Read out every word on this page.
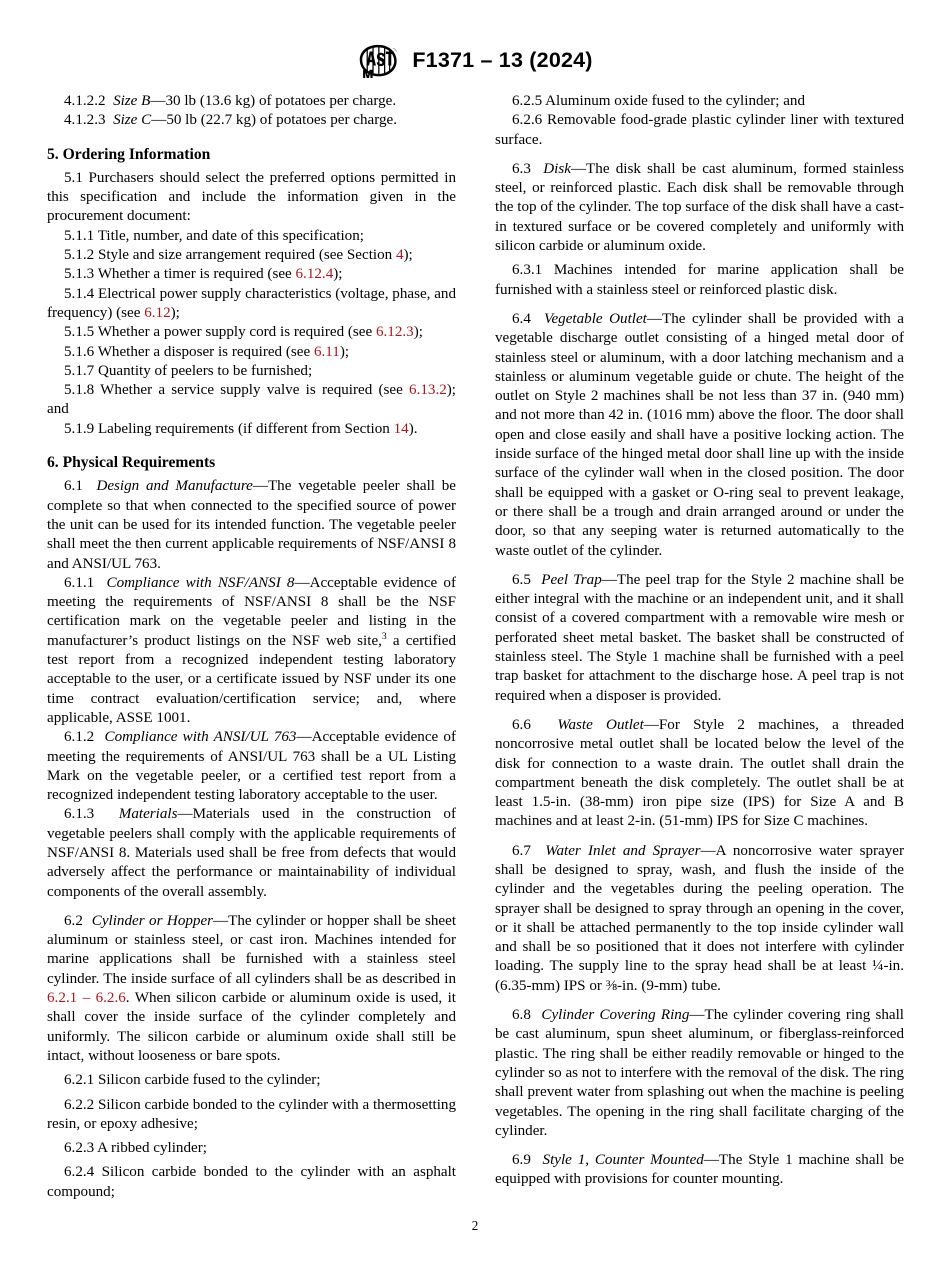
F1371 – 13 (2024)

4.1.2.2 Size B—30 lb (13.6 kg) of potatoes per charge.

4.1.2.3 Size C—50 lb (22.7 kg) of potatoes per charge.

5. Ordering Information

5.1 Purchasers should select the preferred options permitted in this specification and include the information given in the procurement document:

5.1.1 Title, number, and date of this specification;

5.1.2 Style and size arrangement required (see Section 4);

5.1.3 Whether a timer is required (see 6.12.4);

5.1.4 Electrical power supply characteristics (voltage, phase, and frequency) (see 6.12);

5.1.5 Whether a power supply cord is required (see 6.12.3);

5.1.6 Whether a disposer is required (see 6.11);

5.1.7 Quantity of peelers to be furnished;

5.1.8 Whether a service supply valve is required (see 6.13.2); and

5.1.9 Labeling requirements (if different from Section 14).

6. Physical Requirements

6.1 Design and Manufacture—The vegetable peeler shall be complete so that when connected to the specified source of power the unit can be used for its intended function. The vegetable peeler shall meet the then current applicable requirements of NSF/ANSI 8 and ANSI/UL 763.

6.1.1 Compliance with NSF/ANSI 8—Acceptable evidence of meeting the requirements of NSF/ANSI 8 shall be the NSF certification mark on the vegetable peeler and listing in the manufacturer’s product listings on the NSF web site,$^3$ a certified test report from a recognized independent testing laboratory acceptable to the user, or a certificate issued by NSF under its one time contract evaluation/certification service; and, where applicable, ASSE 1001.

6.1.2 Compliance with ANSI/UL 763—Acceptable evidence of meeting the requirements of ANSI/UL 763 shall be a UL Listing Mark on the vegetable peeler, or a certified test report from a recognized independent testing laboratory acceptable to the user.

6.1.3 Materials—Materials used in the construction of vegetable peelers shall comply with the applicable requirements of NSF/ANSI 8. Materials used shall be free from defects that would adversely affect the performance or maintainability of individual components of the overall assembly.

6.2 Cylinder or Hopper—The cylinder or hopper shall be sheet aluminum or stainless steel, or cast iron. Machines intended for marine applications shall be furnished with a stainless steel cylinder. The inside surface of all cylinders shall be as described in 6.2.1 – 6.2.6. When silicon carbide or aluminum oxide is used, it shall cover the inside surface of the cylinder completely and uniformly. The silicon carbide or aluminum oxide shall still be intact, without looseness or bare spots.

6.2.1 Silicon carbide fused to the cylinder;

6.2.2 Silicon carbide bonded to the cylinder with a thermosetting resin, or epoxy adhesive;

6.2.3 A ribbed cylinder;

6.2.4 Silicon carbide bonded to the cylinder with an asphalt compound;

6.2.5 Aluminum oxide fused to the cylinder; and

6.2.6 Removable food-grade plastic cylinder liner with textured surface.

6.3 Disk—The disk shall be cast aluminum, formed stainless steel, or reinforced plastic. Each disk shall be removable through the top of the cylinder. The top surface of the disk shall have a cast-in textured surface or be covered completely and uniformly with silicon carbide or aluminum oxide.

6.3.1 Machines intended for marine application shall be furnished with a stainless steel or reinforced plastic disk.

6.4 Vegetable Outlet—The cylinder shall be provided with a vegetable discharge outlet consisting of a hinged metal door of stainless steel or aluminum, with a door latching mechanism and a stainless or aluminum vegetable guide or chute. The height of the outlet on Style 2 machines shall be not less than 37 in. (940 mm) and not more than 42 in. (1016 mm) above the floor. The door shall open and close easily and shall have a positive locking action. The inside surface of the hinged metal door shall line up with the inside surface of the cylinder wall when in the closed position. The door shall be equipped with a gasket or O-ring seal to prevent leakage, or there shall be a trough and drain arranged around or under the door, so that any seeping water is returned automatically to the waste outlet of the cylinder.

6.5 Peel Trap—The peel trap for the Style 2 machine shall be either integral with the machine or an independent unit, and it shall consist of a covered compartment with a removable wire mesh or perforated sheet metal basket. The basket shall be constructed of stainless steel. The Style 1 machine shall be furnished with a peel trap basket for attachment to the discharge hose. A peel trap is not required when a disposer is provided.

6.6 Waste Outlet—For Style 2 machines, a threaded noncorrosive metal outlet shall be located below the level of the disk for connection to a waste drain. The outlet shall drain the compartment beneath the disk completely. The outlet shall be at least 1.5-in. (38-mm) iron pipe size (IPS) for Size A and B machines and at least 2-in. (51-mm) IPS for Size C machines.

6.7 Water Inlet and Sprayer—A noncorrosive water sprayer shall be designed to spray, wash, and flush the inside of the cylinder and the vegetables during the peeling operation. The sprayer shall be designed to spray through an opening in the cover, or it shall be attached permanently to the top inside cylinder wall and shall be so positioned that it does not interfere with cylinder loading. The supply line to the spray head shall be at least ¼-in. (6.35-mm) IPS or ⅜-in. (9-mm) tube.

6.8 Cylinder Covering Ring—The cylinder covering ring shall be cast aluminum, spun sheet aluminum, or fiberglass-reinforced plastic. The ring shall be either readily removable or hinged to the cylinder so as not to interfere with the removal of the disk. The ring shall prevent water from splashing out when the machine is peeling vegetables. The opening in the ring shall facilitate charging of the cylinder.

6.9 Style 1, Counter Mounted—The Style 1 machine shall be equipped with provisions for counter mounting.

2
